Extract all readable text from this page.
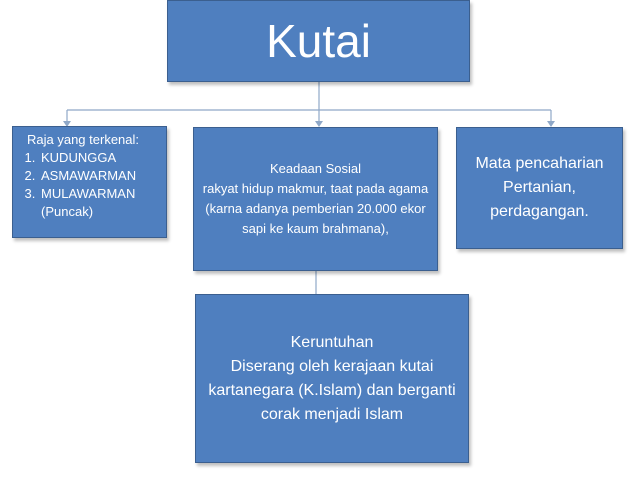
Kutai
Raja yang terkenal:
1. KUDUNGGA
2. ASMAWARMAN
3. MULAWARMAN (Puncak)
Keadaan Sosial
rakyat hidup makmur, taat pada agama (karna adanya pemberian 20.000 ekor sapi ke kaum brahmana),
Mata pencaharian
Pertanian, perdagangan.
Keruntuhan
Diserang oleh kerajaan kutai kartanegara (K.Islam) dan berganti corak menjadi Islam
